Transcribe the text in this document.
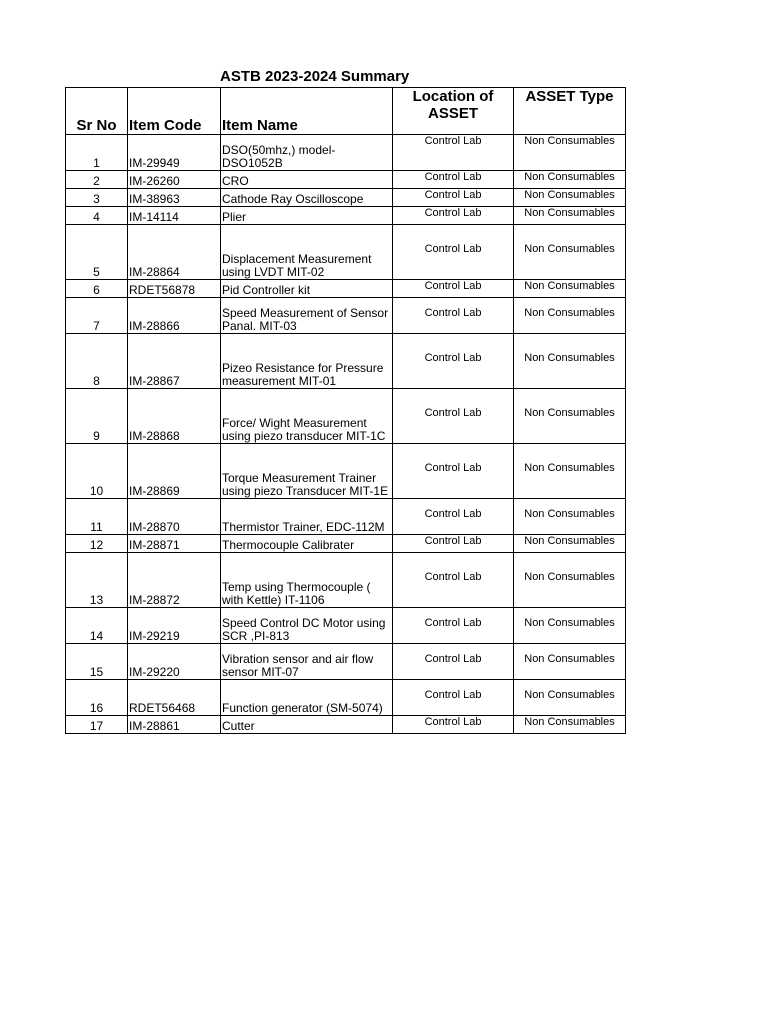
ASTB 2023-2024 Summary
Sr No	Item Code	Item Name	Location of ASSET	ASSET Type
1	IM-29949	DSO(50mhz,) model-DSO1052B	Control Lab	Non Consumables
2	IM-26260	CRO	Control Lab	Non Consumables
3	IM-38963	Cathode Ray Oscilloscope	Control Lab	Non Consumables
4	IM-14114	Plier	Control Lab	Non Consumables
5	IM-28864	Displacement Measurement using LVDT MIT-02	Control Lab	Non Consumables
6	RDET56878	Pid Controller kit	Control Lab	Non Consumables
7	IM-28866	Speed Measurement of Sensor Panal. MIT-03	Control Lab	Non Consumables
8	IM-28867	Pizeo Resistance for Pressure measurement MIT-01	Control Lab	Non Consumables
9	IM-28868	Force/ Wight Measurement using piezo transducer MIT-1C	Control Lab	Non Consumables
10	IM-28869	Torque Measurement Trainer using piezo Transducer MIT-1E	Control Lab	Non Consumables
11	IM-28870	Thermistor Trainer, EDC-112M	Control Lab	Non Consumables
12	IM-28871	Thermocouple Calibrater	Control Lab	Non Consumables
13	IM-28872	Temp using Thermocouple ( with Kettle) IT-1106	Control Lab	Non Consumables
14	IM-29219	Speed Control DC Motor using SCR ,PI-813	Control Lab	Non Consumables
15	IM-29220	Vibration sensor and air flow sensor MIT-07	Control Lab	Non Consumables
16	RDET56468	Function generator (SM-5074)	Control Lab	Non Consumables
17	IM-28861	Cutter	Control Lab	Non Consumables
